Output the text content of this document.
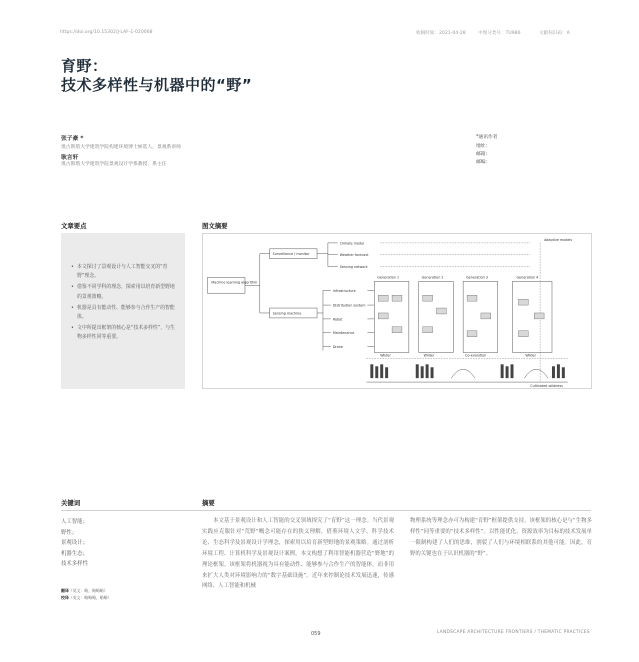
https://doi.org/10.15302/J-LAF-1-020068	收稿时间：2021-04-28	中图分类号：TU986	文献标识码：A
育野：
技术多样性与机器中的“野”
张子豪 *
奥古斯塔大学建筑学院构建环境博士候选人，景观系讲师
耿言轩
奥古斯塔大学建筑学院景观设计学系教授、系主任
*通讯作者
地址：
邮箱：
邮编：
文章要点	图文摘要
• 本文探讨了景观设计与人工智能交叉的“育野”理念。
• 借鉴不同学科的理念，探索用以培育新型野地的景观策略。
• 机器是具有能动性、能够参与合作生产的智能体。
• 文中所提出框架的核心是“技术多样性”，与生物多样性同等重要。
Machine learning algorithm
Surveillance / monitor
Sensing machine
Climate model
Weather forecast
Sensing network
Infrastructure
Distribution system
Robot
Maintenance
Drone
Generation 1	Generation 2	Generation 3	Generation 4
Adaptive models
Wilder	Wilder	Co-evolution	Wilder
Cultivated wildness
关键词	摘要
人工智能；
野性；
景观设计；
机器生态；
技术多样性
翻译（英文：略，略略略）
校译（英文：略略略，略略）
本文基于景观设计和人工智能的交叉领域探究了“育野”这一理念。当代景观实践应克服针对“荒野”概念可能存在的狭义理解，借鉴环境人文学、科学技术论、生态科学及景观设计学理念，探索用以培育新型野地的景观策略。通过剖析环境工程、计算机科学及景观设计案例，本文构想了利用智能机器营造“野地”的理论框架。该框架将机器视为具有能动性、能够参与合作生产的智能体，而非用来扩大人类对环境影响力的“数字基础设施”。近年来控制论技术发展迅速，传感网络、人工智能和机械
物理系统等理念亦可为构建“育野”框架提供支持。该框架的核心是与“生物多样性”同等重要的“技术多样性”。以性能优化、资源效率为目标的技术发展单一限制构建了人们的思维，割裂了人们与环境相联系的其他可能。因此，育野的关键也在于认识机器的“野”。
059	LANDSCAPE ARCHITECTURE FRONTIERS / THEMATIC PRACTICES
